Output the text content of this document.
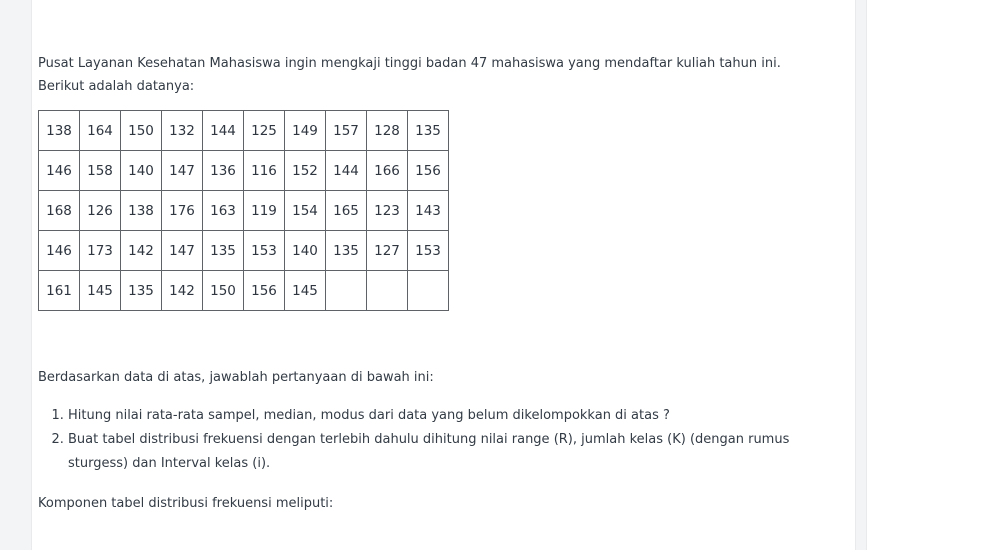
Pusat Layanan Kesehatan Mahasiswa ingin mengkaji tinggi badan 47 mahasiswa yang mendaftar kuliah tahun ini.
Berikut adalah datanya:

138	164	150	132	144	125	149	157	128	135
146	158	140	147	136	116	152	144	166	156
168	126	138	176	163	119	154	165	123	143
146	173	142	147	135	153	140	135	127	153
161	145	135	142	150	156	145			

Berdasarkan data di atas, jawablah pertanyaan di bawah ini:

1. Hitung nilai rata-rata sampel, median, modus dari data yang belum dikelompokkan di atas ?
2. Buat tabel distribusi frekuensi dengan terlebih dahulu dihitung nilai range (R), jumlah kelas (K) (dengan rumus sturgess) dan Interval kelas (i).

Komponen tabel distribusi frekuensi meliputi:
